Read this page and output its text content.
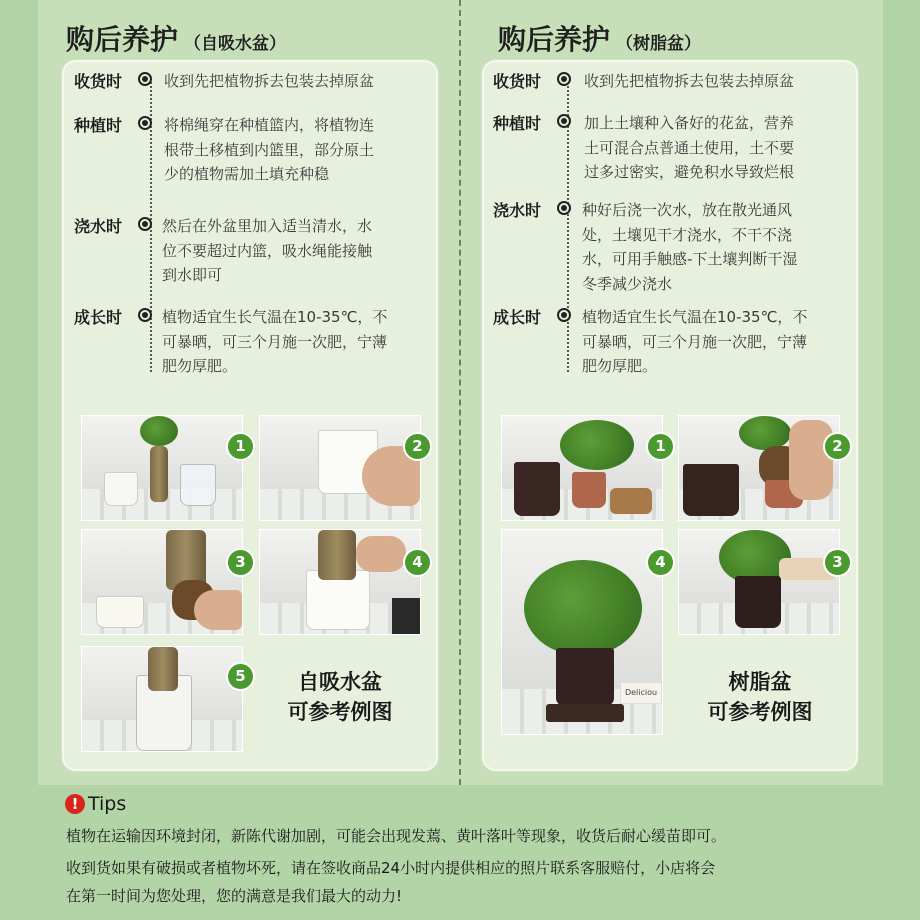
购后养护 （自吸水盆）
收货时	收到先把植物拆去包装去掉原盆
种植时	将棉绳穿在种植篮内，将植物连
根带土移植到内篮里，部分原土
少的植物需加土填充种稳
浇水时	然后在外盆里加入适当清水，水
位不要超过内篮，吸水绳能接触
到水即可
成长时	植物适宜生长气温在10-35℃，不
可暴晒，可三个月施一次肥，宁薄
肥勿厚肥。
1	2
3	4
5	自吸水盆
可参考例图
购后养护 （树脂盆）
收货时	收到先把植物拆去包装去掉原盆
种植时	加上土壤种入备好的花盆，营养
土可混合点普通土使用，土不要
过多过密实，避免积水导致烂根
浇水时	种好后浇一次水，放在散光通风
处，土壤见干才浇水，不干不浇
水，可用手触感-下土壤判断干湿
冬季减少浇水
成长时	植物适宜生长气温在10-35℃，不
可暴晒，可三个月施一次肥，宁薄
肥勿厚肥。
1	2
Deliciou
4	3
树脂盆
可参考例图
! Tips
植物在运输因环境封闭，新陈代谢加剧，可能会出现发蔫、黄叶落叶等现象，收货后耐心缓苗即可。
收到货如果有破损或者植物坏死，请在签收商品24小时内提供相应的照片联系客服赔付，小店将会
在第一时间为您处理，您的满意是我们最大的动力!
